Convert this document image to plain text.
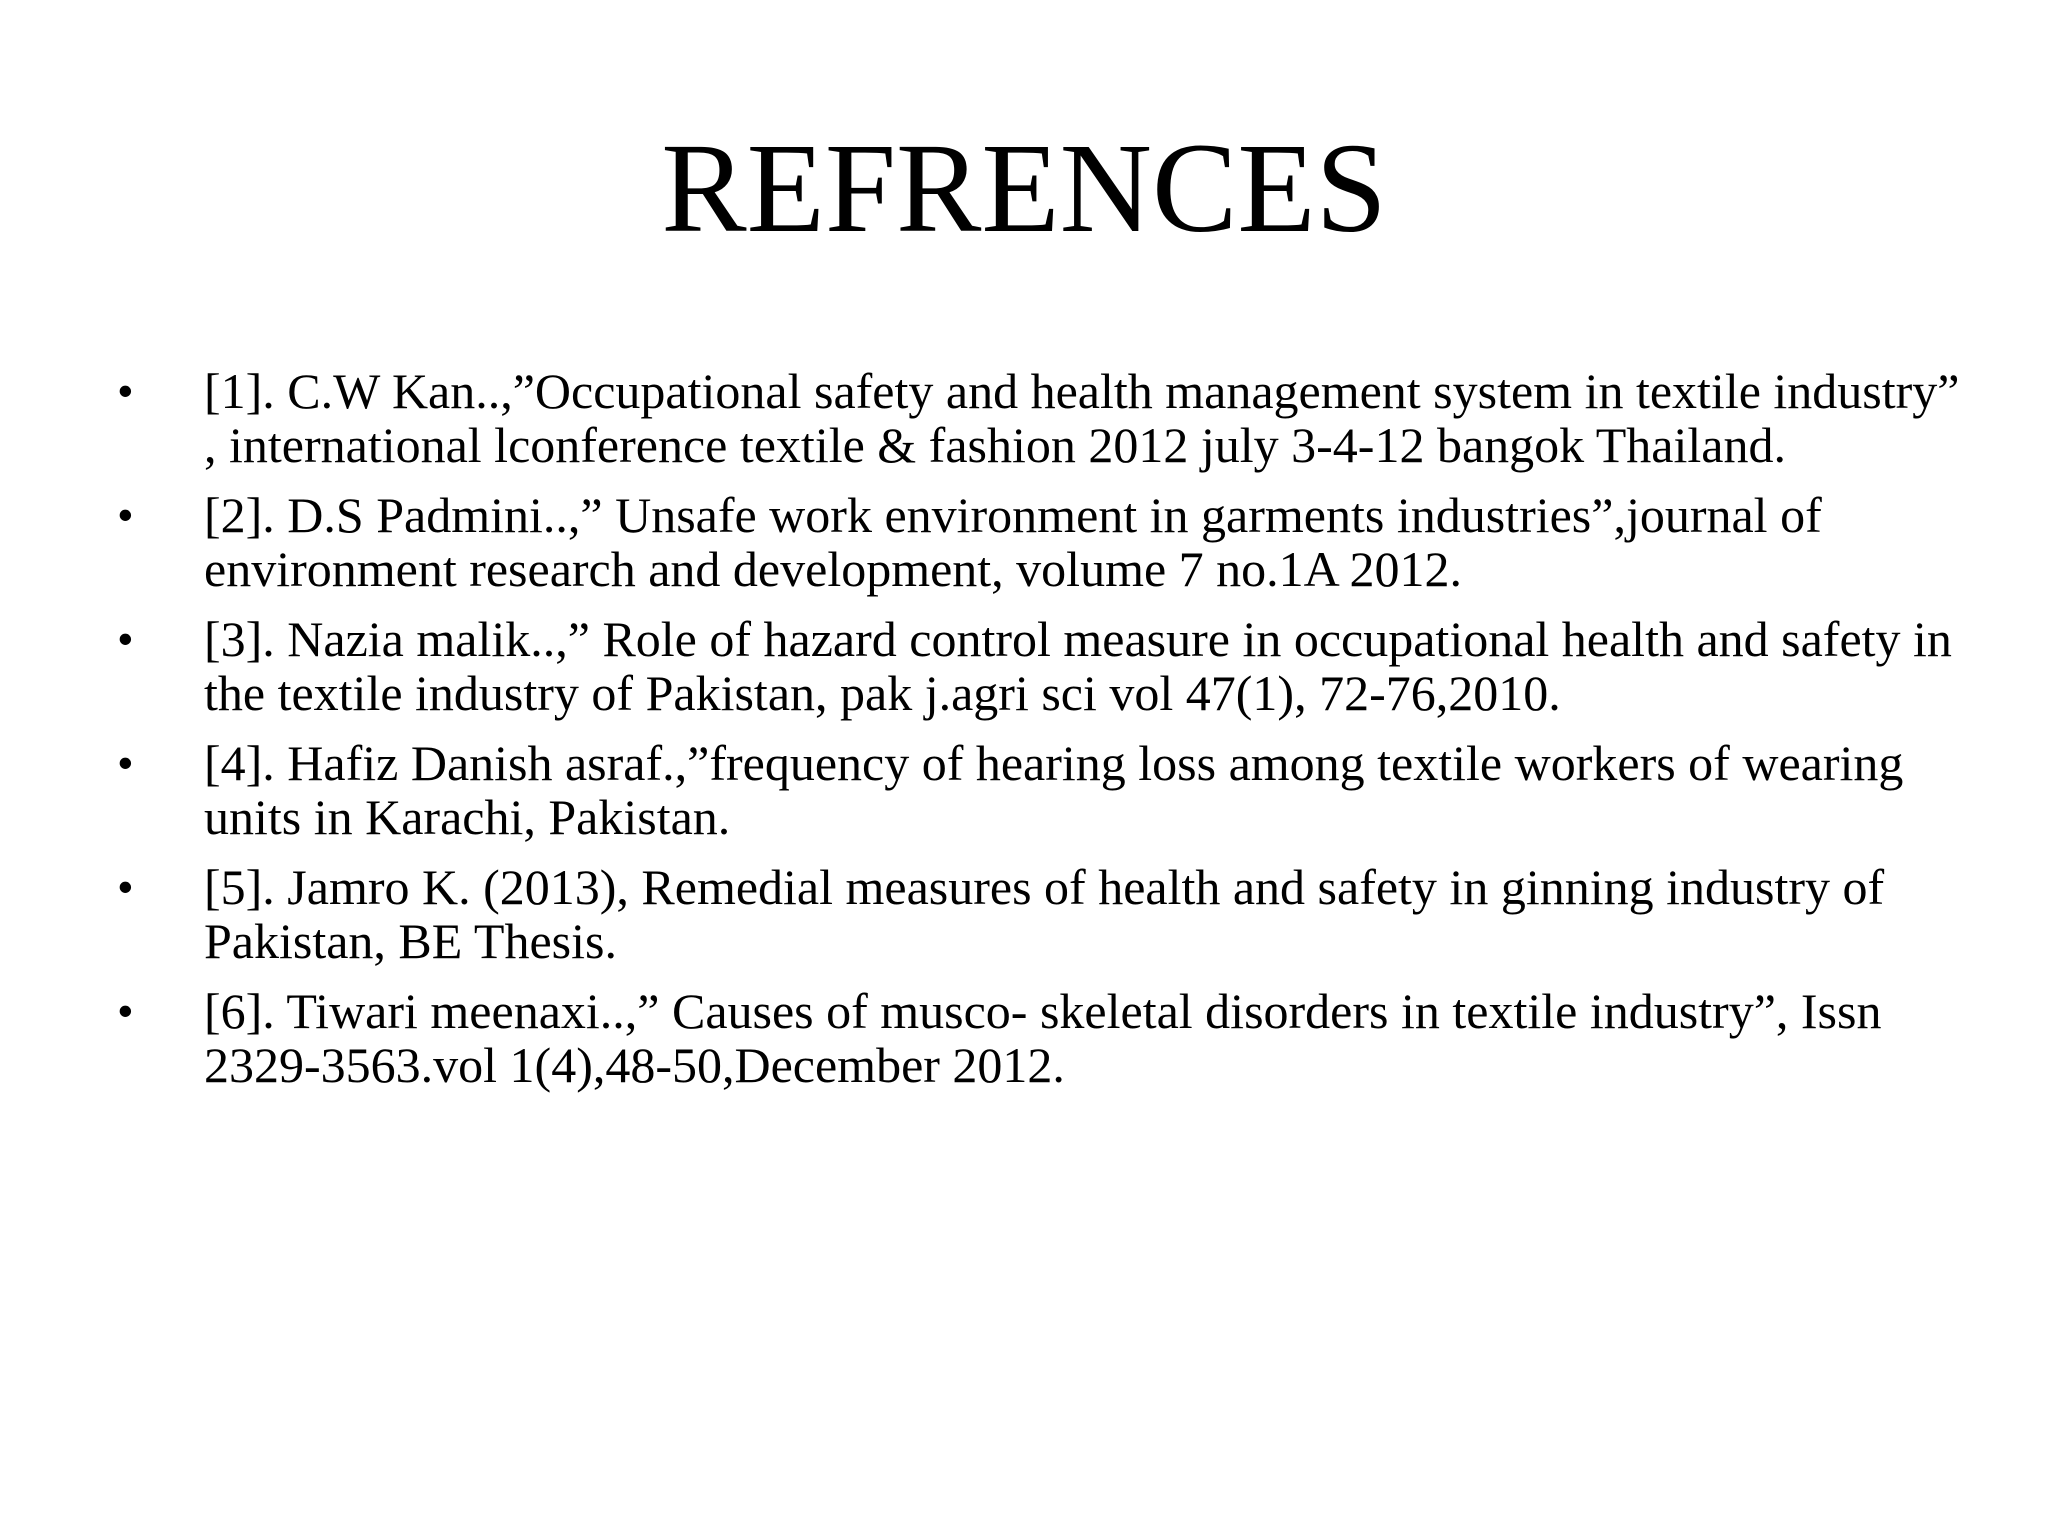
REFRENCES
•	[1]. C.W Kan..,”Occupational safety and health management system in textile industry” , international lconference textile & fashion 2012 july 3-4-12 bangok Thailand.
•	[2]. D.S Padmini..,” Unsafe work environment in garments industries”,journal of environment research and development, volume 7 no.1A 2012.
•	[3]. Nazia malik..,” Role of hazard control measure in occupational health and safety in the textile industry of Pakistan, pak j.agri sci vol 47(1), 72-76,2010.
•	[4]. Hafiz Danish asraf.,”frequency of hearing loss among textile workers of wearing units in Karachi, Pakistan.
•	[5]. Jamro K. (2013), Remedial measures of health and safety in ginning industry of Pakistan, BE Thesis.
•	[6]. Tiwari meenaxi..,” Causes of musco- skeletal disorders in textile industry”, Issn 2329-3563.vol 1(4),48-50,December 2012.
